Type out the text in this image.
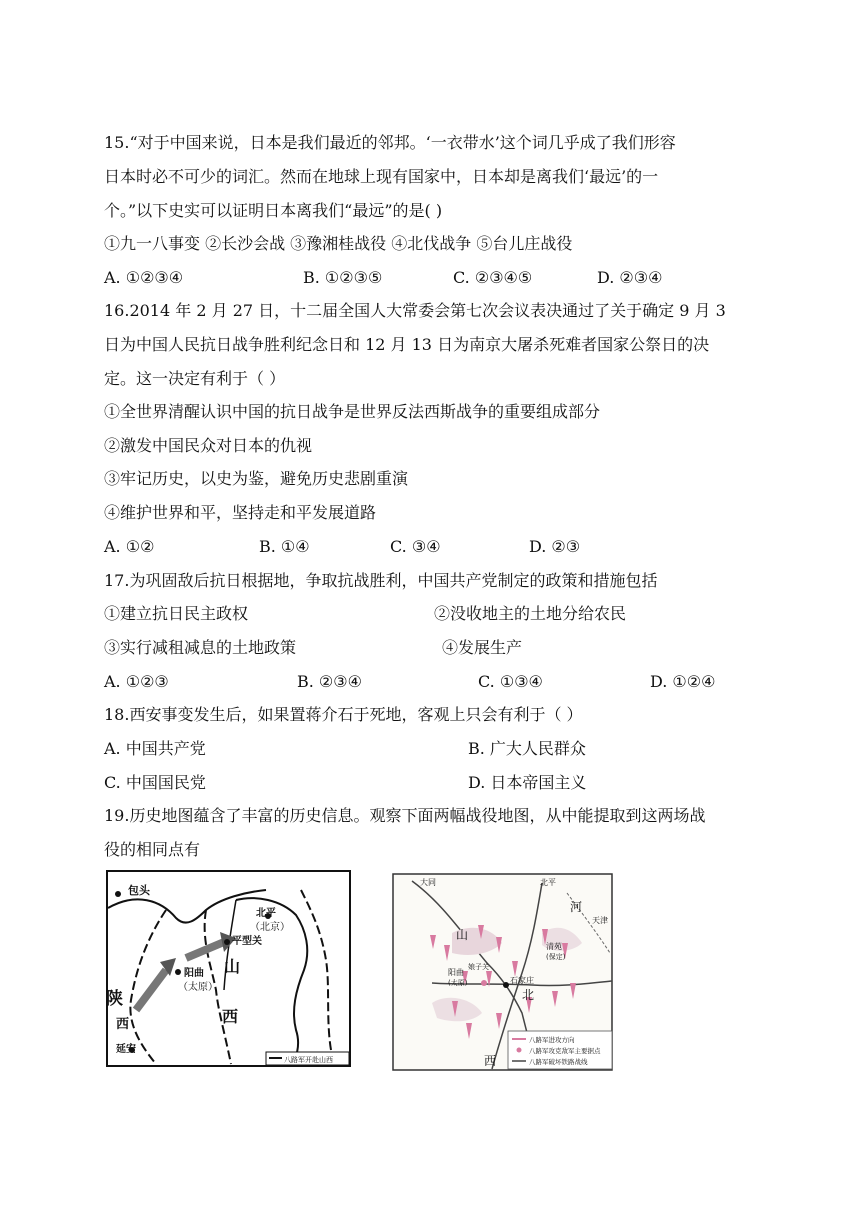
15.“对于中国来说，日本是我们最近的邻邦。‘一衣带水’这个词几乎成了我们形容
日本时必不可少的词汇。然而在地球上现有国家中，日本却是离我们‘最远’的一
个。”以下史实可以证明日本离我们“最远”的是( )
①九一八事变 ②长沙会战 ③豫湘桂战役 ④北伐战争 ⑤台儿庄战役
A. ①②③④	B. ①②③⑤	C. ②③④⑤	D. ②③④
16.2014 年 2 月 27 日，十二届全国人大常委会第七次会议表决通过了关于确定 9 月 3
日为中国人民抗日战争胜利纪念日和 12 月 13 日为南京大屠杀死难者国家公祭日的决
定。这一决定有利于（ ）
①全世界清醒认识中国的抗日战争是世界反法西斯战争的重要组成部分
②激发中国民众对日本的仇视
③牢记历史，以史为鉴，避免历史悲剧重演
④维护世界和平，坚持走和平发展道路
A. ①②	B. ①④	C. ③④	D. ②③
17.为巩固敌后抗日根据地，争取抗战胜利，中国共产党制定的政策和措施包括
①建立抗日民主政权	②没收地主的土地分给农民
③实行减租减息的土地政策	④发展生产
A. ①②③	B. ②③④	C. ①③④	D. ①②④
18.西安事变发生后，如果置蒋介石于死地，客观上只会有利于（ ）
A. 中国共产党	B. 广大人民群众
C. 中国国民党	D. 日本帝国主义
19.历史地图蕴含了丰富的历史信息。观察下面两幅战役地图，从中能提取到这两场战
役的相同点有
包头
北平
（北京）
平型关
山
阳曲
（太原）
陕
西
延安
西
八路军开赴山西
大同	北平
河
天津
山
清苑
(保定)
阳曲
(太原)
娘子关
石家庄
北
西
八路军进攻方向
八路军攻克敌军主要据点
八路军破坏铁路战线
